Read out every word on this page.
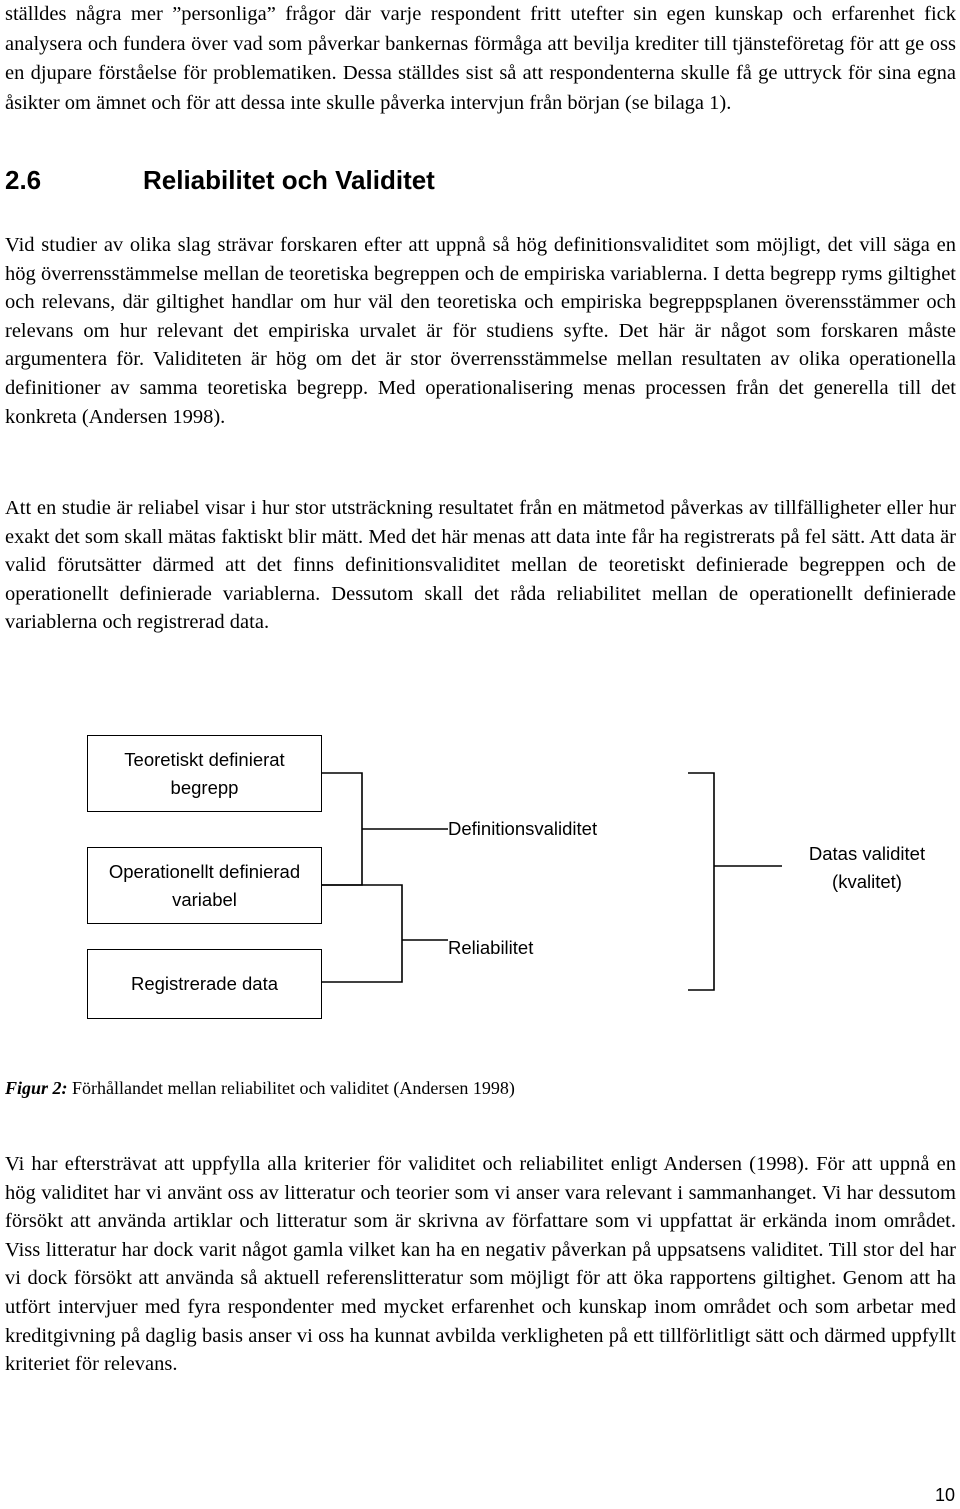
ställdes några mer ”personliga” frågor där varje respondent fritt utefter sin egen kunskap och erfarenhet fick analysera och fundera över vad som påverkar bankernas förmåga att bevilja krediter till tjänsteföretag för att ge oss en djupare förståelse för problematiken. Dessa ställdes sist så att respondenterna skulle få ge uttryck för sina egna åsikter om ämnet och för att dessa inte skulle påverka intervjun från början (se bilaga 1).

2.6	Reliabilitet och Validitet

Vid studier av olika slag strävar forskaren efter att uppnå så hög definitionsvaliditet som möjligt, det vill säga en hög överrensstämmelse mellan de teoretiska begreppen och de empiriska variablerna. I detta begrepp ryms giltighet och relevans, där giltighet handlar om hur väl den teoretiska och empiriska begreppsplanen överensstämmer och relevans om hur relevant det empiriska urvalet är för studiens syfte. Det här är något som forskaren måste argumentera för. Validiteten är hög om det är stor överrensstämmelse mellan resultaten av olika operationella definitioner av samma teoretiska begrepp. Med operationalisering menas processen från det generella till det konkreta (Andersen 1998).

Att en studie är reliabel visar i hur stor utsträckning resultatet från en mätmetod påverkas av tillfälligheter eller hur exakt det som skall mätas faktiskt blir mätt. Med det här menas att data inte får ha registrerats på fel sätt. Att data är valid förutsätter därmed att det finns definitionsvaliditet mellan de teoretiskt definierade begreppen och de operationellt definierade variablerna. Dessutom skall det råda reliabilitet mellan de operationellt definierade variablerna och registrerad data.

Teoretiskt definierat begrepp
Operationellt definierad variabel
Registrerade data
Definitionsvaliditet
Reliabilitet
Datas validitet (kvalitet)

Figur 2: Förhållandet mellan reliabilitet och validitet (Andersen 1998)

Vi har eftersträvat att uppfylla alla kriterier för validitet och reliabilitet enligt Andersen (1998). För att uppnå en hög validitet har vi använt oss av litteratur och teorier som vi anser vara relevant i sammanhanget. Vi har dessutom försökt att använda artiklar och litteratur som är skrivna av författare som vi uppfattat är erkända inom området. Viss litteratur har dock varit något gamla vilket kan ha en negativ påverkan på uppsatsens validitet. Till stor del har vi dock försökt att använda så aktuell referenslitteratur som möjligt för att öka rapportens giltighet. Genom att ha utfört intervjuer med fyra respondenter med mycket erfarenhet och kunskap inom området och som arbetar med kreditgivning på daglig basis anser vi oss ha kunnat avbilda verkligheten på ett tillförlitligt sätt och därmed uppfyllt kriteriet för relevans.

10
